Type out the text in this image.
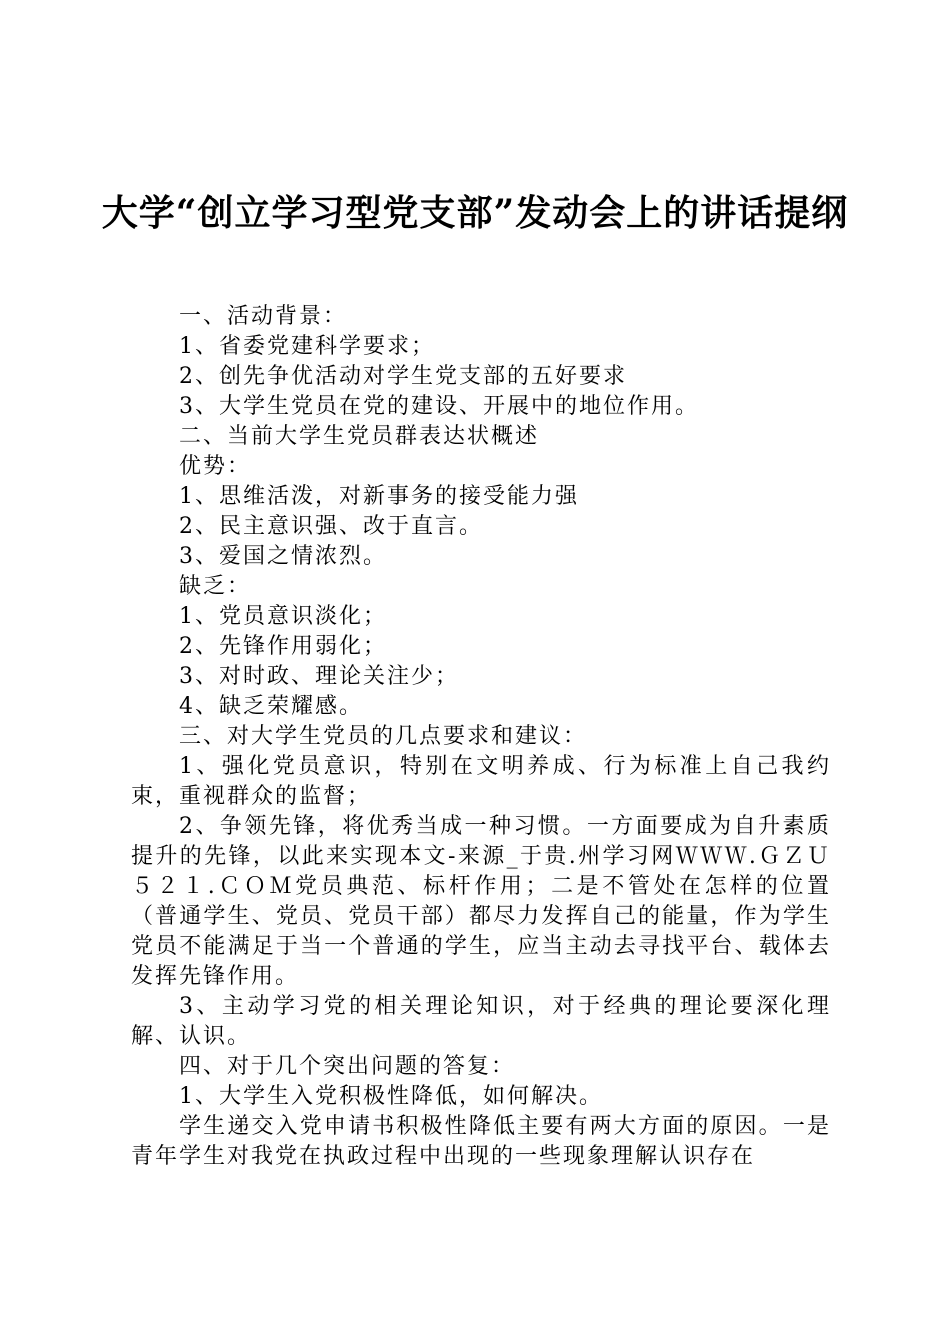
大学“创立学习型党支部”发动会上的讲话提纲

一、活动背景：

1、省委党建科学要求；

2、创先争优活动对学生党支部的五好要求

3、大学生党员在党的建设、开展中的地位作用。

二、当前大学生党员群表达状概述

优势：

1、思维活泼，对新事务的接受能力强

2、民主意识强、改于直言。

3、爱国之情浓烈。

缺乏：

1、党员意识淡化；

2、先锋作用弱化；

3、对时政、理论关注少；

4、缺乏荣耀感。

三、对大学生党员的几点要求和建议：

1、强化党员意识，特别在文明养成、行为标准上自己我约束，重视群众的监督；

2、争领先锋，将优秀当成一种习惯。一方面要成为自升素质提升的先锋，以此来实现本文-来源_于贵.州学习网ＷＷＷ.ＧＺＵ５２１.ＣＯＭ党员典范、标杆作用；二是不管处在怎样的位置（普通学生、党员、党员干部）都尽力发挥自己的能量，作为学生党员不能满足于当一个普通的学生，应当主动去寻找平台、载体去发挥先锋作用。

3、主动学习党的相关理论知识，对于经典的理论要深化理解、认识。

四、对于几个突出问题的答复：

1、大学生入党积极性降低，如何解决。

学生递交入党申请书积极性降低主要有两大方面的原因。一是青年学生对我党在执政过程中出现的一些现象理解认识存在
